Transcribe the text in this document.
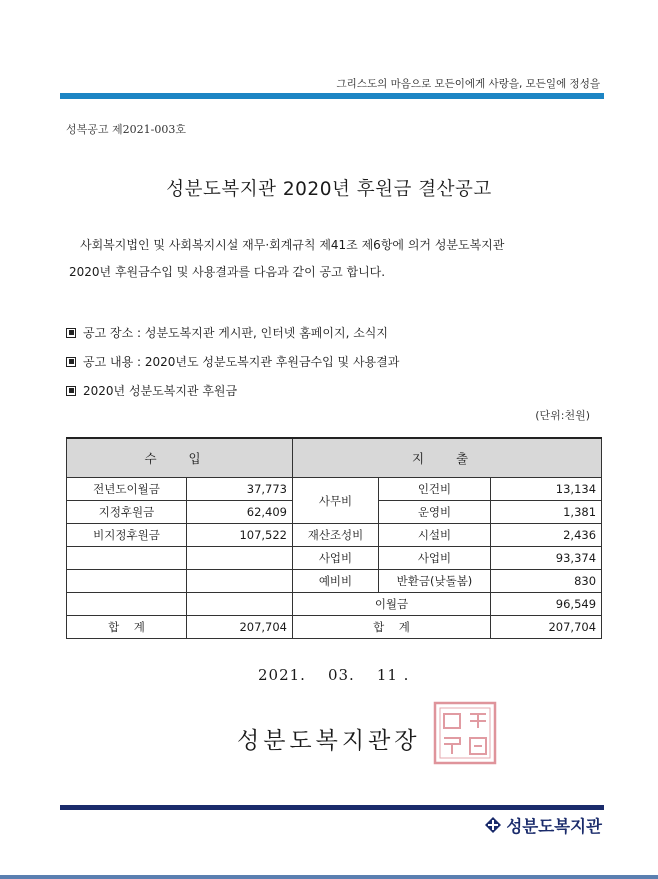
그리스도의 마음으로 모든이에게 사랑을, 모든일에 정성을
성복공고 제2021-003호
성분도복지관 2020년 후원금 결산공고
사회복지법인 및 사회복지시설 재무·회계규칙 제41조 제6항에 의거 성분도복지관
2020년 후원금수입 및 사용결과를 다음과 같이 공고 합니다.
공고 장소 : 성분도복지관 게시판, 인터넷 홈페이지, 소식지
공고 내용 : 2020년도 성분도복지관 후원금수입 및 사용결과
2020년 성분도복지관 후원금
(단위:천원)
수 입		지 출		
전년도이월금	37,773	사무비	인건비	13,134
지정후원금	62,409		운영비	1,381
비지정후원금	107,522	재산조성비	시설비	2,436
		사업비	사업비	93,374
		예비비	반환금(낮돌봄)	830
		이월금		96,549
합    계	207,704	합    계		207,704
2021. 03. 11 .
성분도복지관장
성분도복지관
